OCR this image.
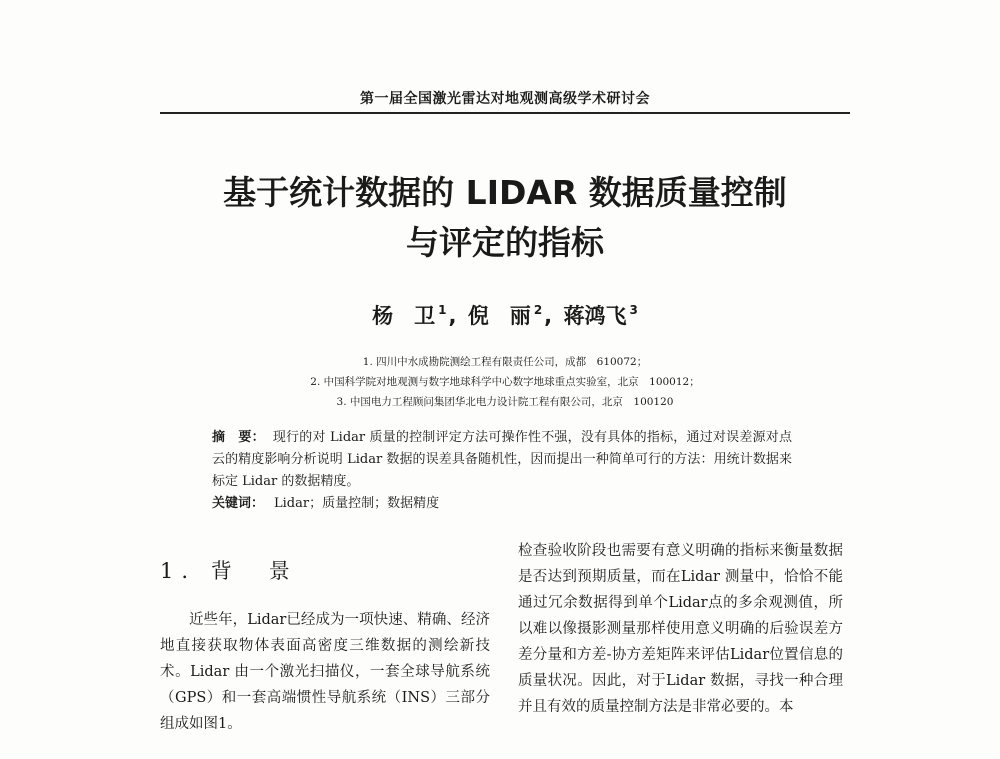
第一届全国激光雷达对地观测高级学术研讨会
基于统计数据的 LIDAR 数据质量控制
与评定的指标
杨　卫 $^1$, 倪　丽 $^2$, 蒋鸿飞 $^3$
1. 四川中水成勘院测绘工程有限责任公司，成都　610072；
2. 中国科学院对地观测与数字地球科学中心数字地球重点实验室，北京　100012；
3. 中国电力工程顾问集团华北电力设计院工程有限公司，北京　100120
摘　要： 现行的对 Lidar 质量的控制评定方法可操作性不强，没有具体的指标，通过对误差源对点云的精度影响分析说明 Lidar 数据的误差具备随机性，因而提出一种简单可行的方法：用统计数据来标定 Lidar 的数据精度。
关键词： Lidar；质量控制；数据精度
1. 背　景
近些年，Lidar已经成为一项快速、精确、经济地直接获取物体表面高密度三维数据的测绘新技术。Lidar 由一个激光扫描仪，一套全球导航系统（GPS）和一套高端惯性导航系统（INS）三部分组成如图1。
检查验收阶段也需要有意义明确的指标来衡量数据是否达到预期质量，而在Lidar 测量中，恰恰不能通过冗余数据得到单个Lidar点的多余观测值，所以难以像摄影测量那样使用意义明确的后验误差方差分量和方差-协方差矩阵来评估Lidar位置信息的质量状况。因此，对于Lidar 数据，寻找一种合理并且有效的质量控制方法是非常必要的。本
